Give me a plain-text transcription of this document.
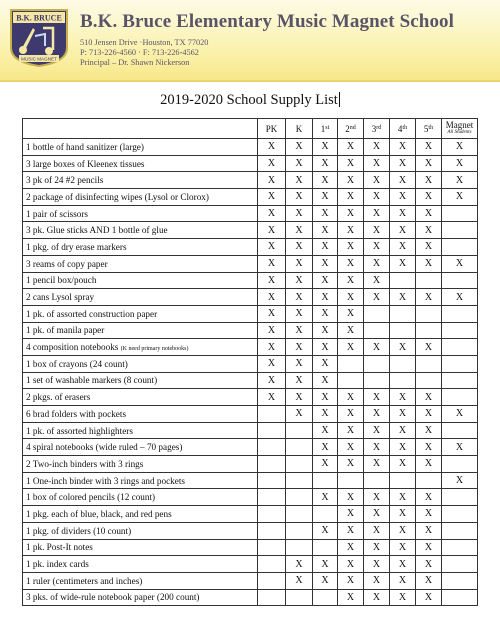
B.K. BRUCE
MUSIC MAGNET
B.K. Bruce Elementary Music Magnet School
510 Jensen Drive ·Houston, TX 77020
P: 713-226-4560 · F: 713-226-4562
Principal – Dr. Shawn Nickerson
2019-2020 School Supply List
	PK	K	1st	2nd	3rd	4th	5th	Magnet
All Students

1 bottle of hand sanitizer (large)	X	X	X	X	X	X	X	X
3 large boxes of Kleenex tissues	X	X	X	X	X	X	X	X
3 pk of 24 #2 pencils	X	X	X	X	X	X	X	X
2 package of disinfecting wipes (Lysol or Clorox)	X	X	X	X	X	X	X	X
1 pair of scissors	X	X	X	X	X	X	X	
3 pk. Glue sticks AND 1 bottle of glue	X	X	X	X	X	X	X	
1 pkg. of dry erase markers	X	X	X	X	X	X	X	
3 reams of copy paper	X	X	X	X	X	X	X	X
1 pencil box/pouch	X	X	X	X	X			
2 cans Lysol spray	X	X	X	X	X	X	X	X
1 pk. of assorted construction paper	X	X	X	X				
1 pk. of manila paper	X	X	X	X				
4 composition notebooks (K need primary notebooks)	X	X	X	X	X	X	X	
1 box of crayons (24 count)	X	X	X					
1 set of washable markers (8 count)	X	X	X					
2 pkgs. of erasers	X	X	X	X	X	X	X	
6 brad folders with pockets		X	X	X	X	X	X	X
1 pk. of assorted highlighters			X	X	X	X	X	
4 spiral notebooks (wide ruled – 70 pages)			X	X	X	X	X	X
2 Two-inch binders with 3 rings			X	X	X	X	X	
1 One-inch binder with 3 rings and pockets								X
1 box of colored pencils (12 count)			X	X	X	X	X	
1 pkg. each of blue, black, and red pens				X	X	X	X	
1 pkg. of dividers (10 count)			X	X	X	X	X	
1 pk. Post-It notes				X	X	X	X	
1 pk. index cards		X	X	X	X	X	X	
1 ruler (centimeters and inches)		X	X	X	X	X	X	
3 pks. of wide-rule notebook paper (200 count)				X	X	X	X	
